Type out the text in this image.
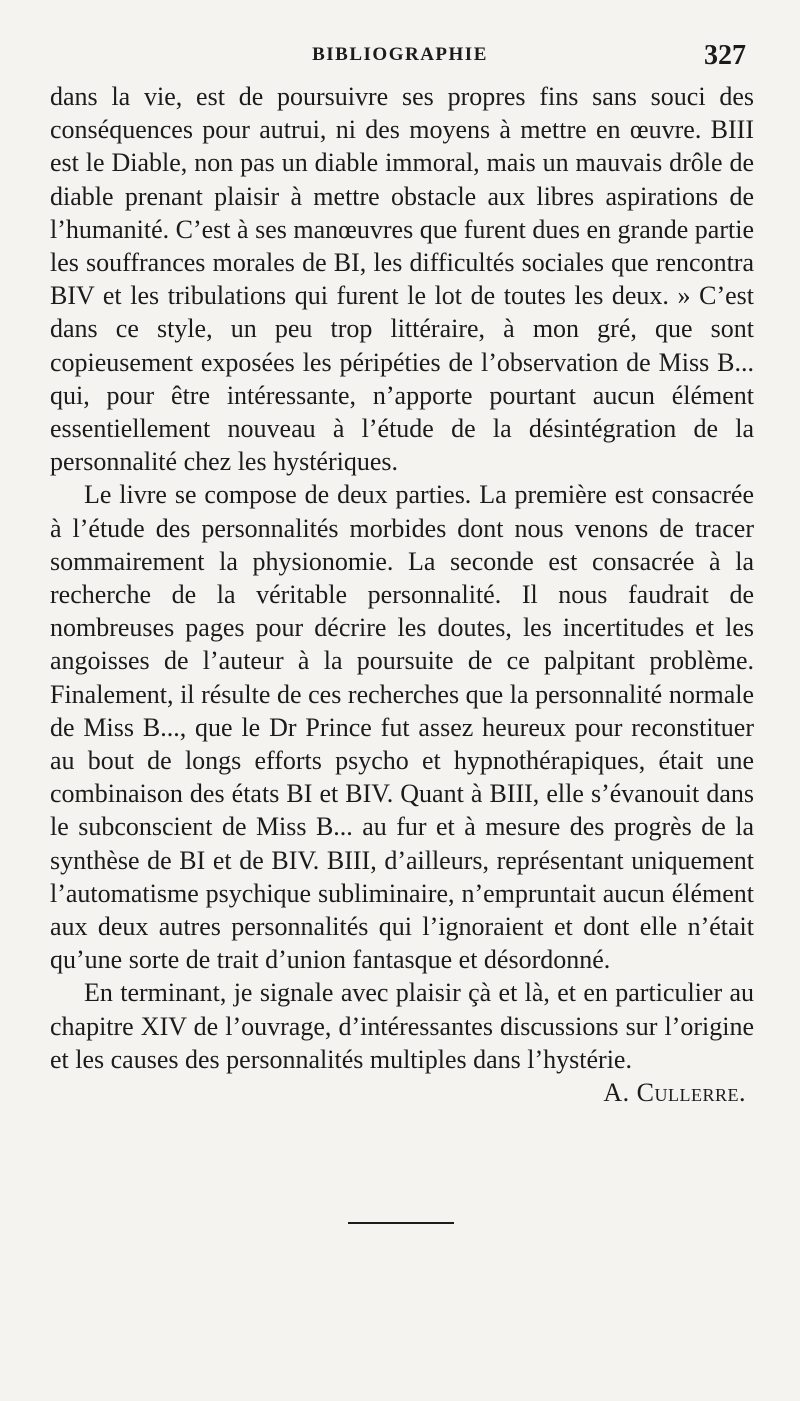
BIBLIOGRAPHIE	327

dans la vie, est de poursuivre ses propres fins sans souci des conséquences pour autrui, ni des moyens à mettre en œuvre. BIII est le Diable, non pas un diable immoral, mais un mauvais drôle de diable prenant plaisir à mettre obstacle aux libres aspirations de l’humanité. C’est à ses manœuvres que furent dues en grande partie les souffrances morales de BI, les difficultés sociales que rencontra BIV et les tribulations qui furent le lot de toutes les deux. » C’est dans ce style, un peu trop littéraire, à mon gré, que sont copieusement exposées les péripéties de l’observation de Miss B... qui, pour être intéressante, n’apporte pourtant aucun élément essentiellement nouveau à l’étude de la désintégration de la personnalité chez les hystériques.

Le livre se compose de deux parties. La première est consacrée à l’étude des personnalités morbides dont nous venons de tracer sommairement la physionomie. La seconde est consacrée à la recherche de la véritable personnalité. Il nous faudrait de nombreuses pages pour décrire les doutes, les incertitudes et les angoisses de l’auteur à la poursuite de ce palpitant problème. Finalement, il résulte de ces recherches que la personnalité normale de Miss B..., que le Dr Prince fut assez heureux pour reconstituer au bout de longs efforts psycho et hypnothérapiques, était une combinaison des états BI et BIV. Quant à BIII, elle s’évanouit dans le subconscient de Miss B... au fur et à mesure des progrès de la synthèse de BI et de BIV. BIII, d’ailleurs, représentant uniquement l’automatisme psychique subliminaire, n’empruntait aucun élément aux deux autres personnalités qui l’ignoraient et dont elle n’était qu’une sorte de trait d’union fantasque et désordonné.

En terminant, je signale avec plaisir çà et là, et en particulier au chapitre XIV de l’ouvrage, d’intéressantes discussions sur l’origine et les causes des personnalités multiples dans l’hystérie.

A. Cullerre.
